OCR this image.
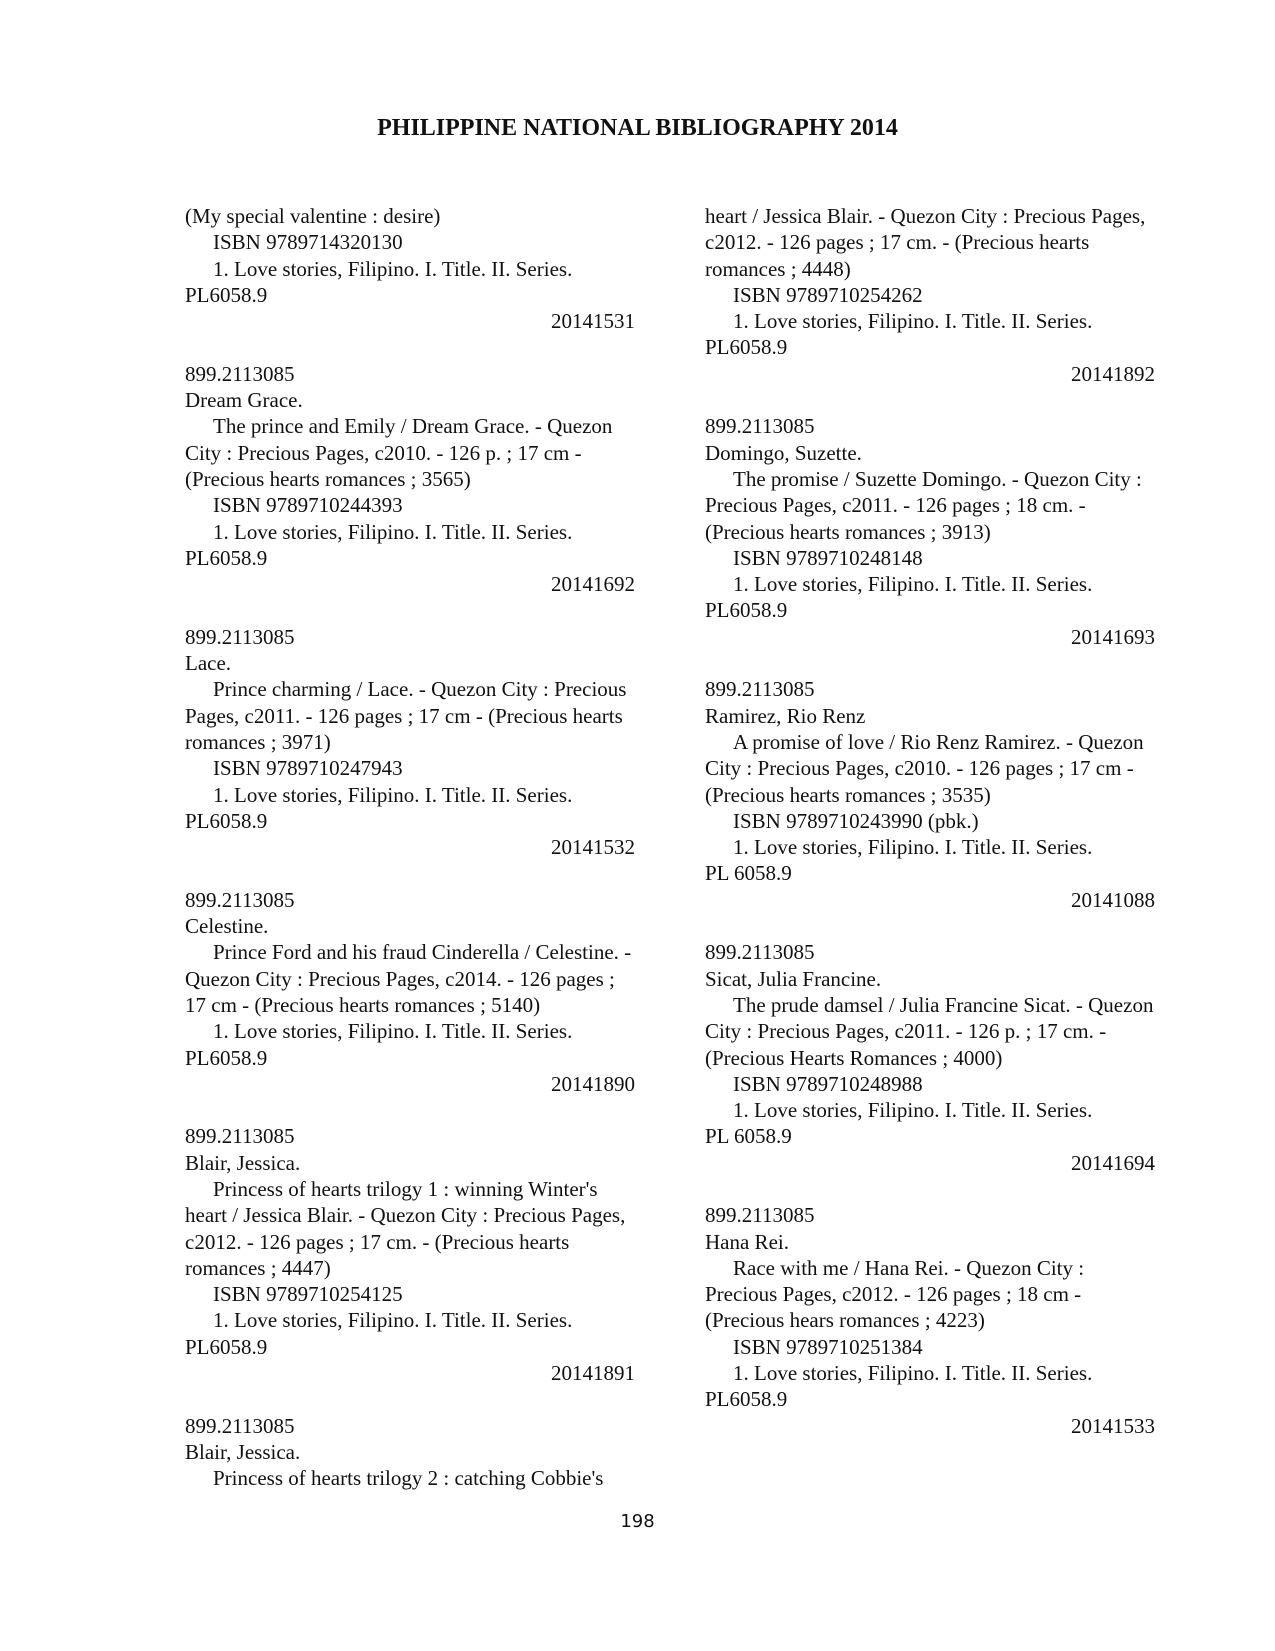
PHILIPPINE NATIONAL BIBLIOGRAPHY 2014
(My special valentine : desire)
ISBN 9789714320130
1. Love stories, Filipino. I. Title. II. Series.
PL6058.9
20141531
899.2113085
Dream Grace.
The prince and Emily / Dream Grace. - Quezon
City : Precious Pages, c2010. - 126 p. ; 17 cm -
(Precious hearts romances ; 3565)
ISBN 9789710244393
1. Love stories, Filipino. I. Title. II. Series.
PL6058.9
20141692
899.2113085
Lace.
Prince charming / Lace. - Quezon City : Precious
Pages, c2011. - 126 pages ; 17 cm - (Precious hearts
romances ; 3971)
ISBN 9789710247943
1. Love stories, Filipino. I. Title. II. Series.
PL6058.9
20141532
899.2113085
Celestine.
Prince Ford and his fraud Cinderella / Celestine. -
Quezon City : Precious Pages, c2014. - 126 pages ;
17 cm - (Precious hearts romances ; 5140)
1. Love stories, Filipino. I. Title. II. Series.
PL6058.9
20141890
899.2113085
Blair, Jessica.
Princess of hearts trilogy 1 : winning Winter's
heart / Jessica Blair. - Quezon City : Precious Pages,
c2012. - 126 pages ; 17 cm. - (Precious hearts
romances ; 4447)
ISBN 9789710254125
1. Love stories, Filipino. I. Title. II. Series.
PL6058.9
20141891
899.2113085
Blair, Jessica.
Princess of hearts trilogy 2 : catching Cobbie's
heart / Jessica Blair. - Quezon City : Precious Pages,
c2012. - 126 pages ; 17 cm. - (Precious hearts
romances ; 4448)
ISBN 9789710254262
1. Love stories, Filipino. I. Title. II. Series.
PL6058.9
20141892
899.2113085
Domingo, Suzette.
The promise / Suzette Domingo. - Quezon City :
Precious Pages, c2011. - 126 pages ; 18 cm. -
(Precious hearts romances ; 3913)
ISBN 9789710248148
1. Love stories, Filipino. I. Title. II. Series.
PL6058.9
20141693
899.2113085
Ramirez, Rio Renz
A promise of love / Rio Renz Ramirez. - Quezon
City : Precious Pages, c2010. - 126 pages ; 17 cm -
(Precious hearts romances ; 3535)
ISBN 9789710243990 (pbk.)
1. Love stories, Filipino. I. Title. II. Series.
PL 6058.9
20141088
899.2113085
Sicat, Julia Francine.
The prude damsel / Julia Francine Sicat. - Quezon
City : Precious Pages, c2011. - 126 p. ; 17 cm. -
(Precious Hearts Romances ; 4000)
ISBN 9789710248988
1. Love stories, Filipino. I. Title. II. Series.
PL 6058.9
20141694
899.2113085
Hana Rei.
Race with me / Hana Rei. - Quezon City :
Precious Pages, c2012. - 126 pages ; 18 cm -
(Precious hears romances ; 4223)
ISBN 9789710251384
1. Love stories, Filipino. I. Title. II. Series.
PL6058.9
20141533
198
